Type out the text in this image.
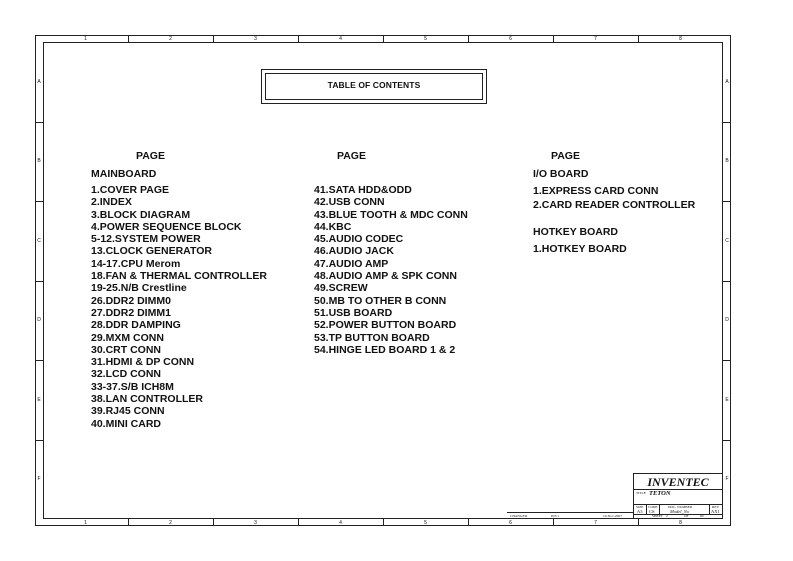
1
1
2
2
3
3
4
4
5
5
6
6
7
7
8
8
A	A
B	B
C	C
D	D
E	E
F	F
TABLE OF CONTENTS
PAGE	PAGE	PAGE
MAINBOARD
1.COVER PAGE
2.INDEX
3.BLOCK DIAGRAM
4.POWER SEQUENCE BLOCK
5-12.SYSTEM POWER
13.CLOCK GENERATOR
14-17.CPU Merom
18.FAN & THERMAL CONTROLLER
19-25.N/B Crestline
26.DDR2 DIMM0
27.DDR2 DIMM1
28.DDR DAMPING
29.MXM CONN
30.CRT CONN
31.HDMI & DP CONN
32.LCD CONN
33-37.S/B ICH8M
38.LAN CONTROLLER
39.RJ45 CONN
40.MINI CARD
41.SATA HDD&ODD
42.USB CONN
43.BLUE TOOTH & MDC CONN
44.KBC
45.AUDIO CODEC
46.AUDIO JACK
47.AUDIO AMP
48.AUDIO AMP & SPK CONN
49.SCREW
50.MB TO OTHER B CONN
51.USB BOARD
52.POWER BUTTON BOARD
53.TP BUTTON BOARD
54.HINGE LED BOARD 1 & 2
I/O BOARD
1.EXPRESS CARD CONN
2.CARD READER CONTROLLER
HOTKEY BOARD
1.HOTKEY BOARD
CHANGED	INV1	10-Nov-2007
INVENTEC
TITLE TETON
SIZE
A3
CODE
CS
DOC. NUMBER
Model_No
REV
AX1
SHEET 2	OF	80
